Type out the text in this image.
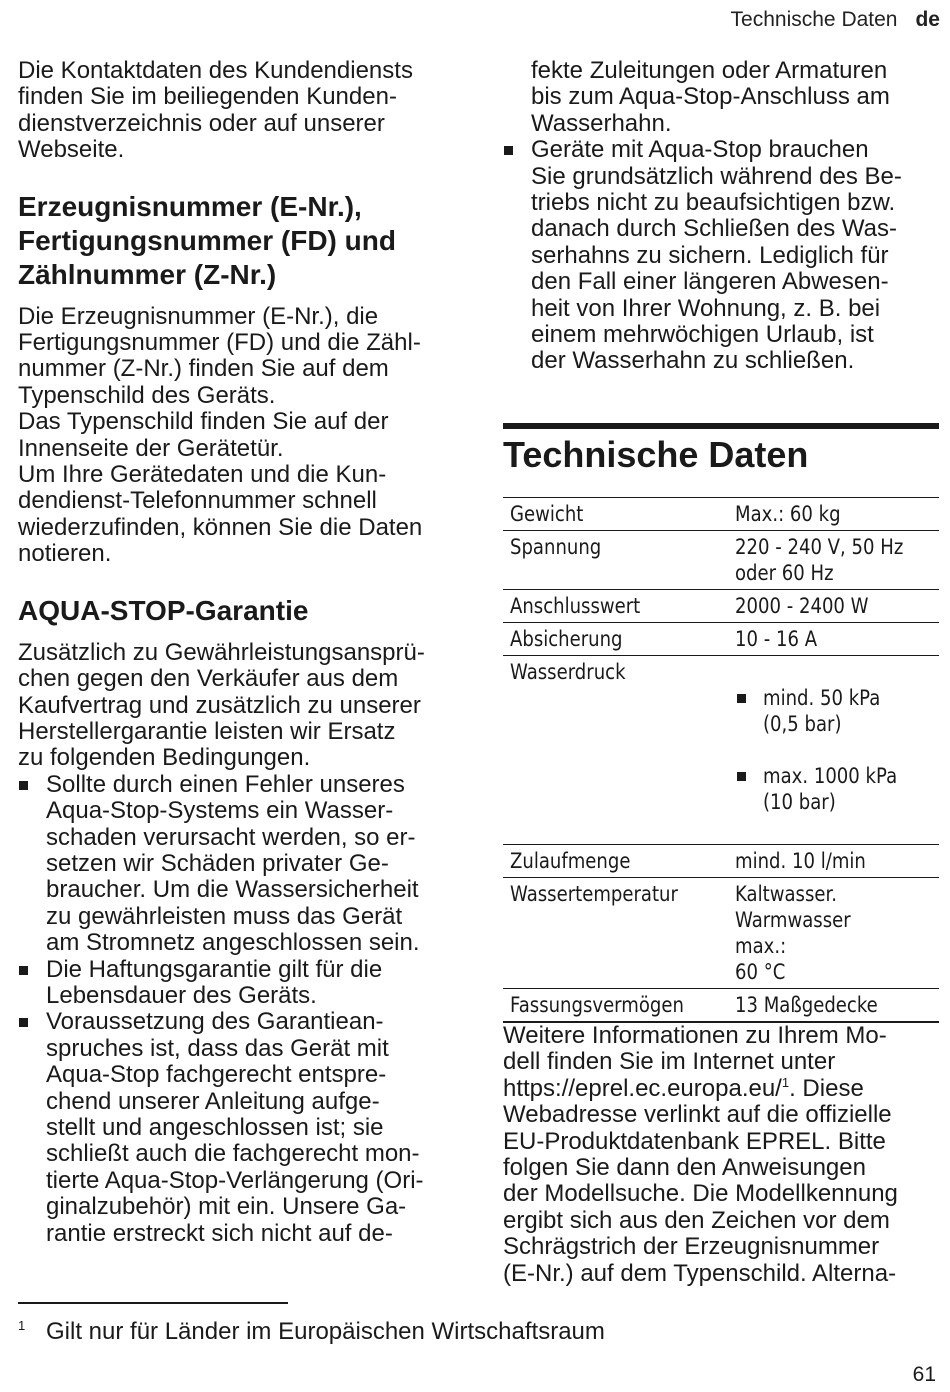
Technische Daten de

Die Kontaktdaten des Kundendiensts
finden Sie im beiliegenden Kunden-
dienstverzeichnis oder auf unserer
Webseite.

Erzeugnisnummer (E-Nr.),
Fertigungsnummer (FD) und
Zählnummer (Z-Nr.)

Die Erzeugnisnummer (E-Nr.), die
Fertigungsnummer (FD) und die Zähl-
nummer (Z-Nr.) finden Sie auf dem
Typenschild des Geräts.
Das Typenschild finden Sie auf der
Innenseite der Gerätetür.
Um Ihre Gerätedaten und die Kun-
dendienst-Telefonnummer schnell
wiederzufinden, können Sie die Daten
notieren.

AQUA-STOP-Garantie

Zusätzlich zu Gewährleistungsansprü-
chen gegen den Verkäufer aus dem
Kaufvertrag und zusätzlich zu unserer
Herstellergarantie leisten wir Ersatz
zu folgenden Bedingungen.

Sollte durch einen Fehler unseres
Aqua-Stop-Systems ein Wasser-
schaden verursacht werden, so er-
setzen wir Schäden privater Ge-
braucher. Um die Wassersicherheit
zu gewährleisten muss das Gerät
am Stromnetz angeschlossen sein.
Die Haftungsgarantie gilt für die
Lebensdauer des Geräts.
Voraussetzung des Garantiean-
spruches ist, dass das Gerät mit
Aqua-Stop fachgerecht entspre-
chend unserer Anleitung aufge-
stellt und angeschlossen ist; sie
schließt auch die fachgerecht mon-
tierte Aqua-Stop-Verlängerung (Ori-
ginalzubehör) mit ein. Unsere Ga-
rantie erstreckt sich nicht auf de-
fekte Zuleitungen oder Armaturen
bis zum Aqua-Stop-Anschluss am
Wasserhahn.
Geräte mit Aqua-Stop brauchen
Sie grundsätzlich während des Be-
triebs nicht zu beaufsichtigen bzw.
danach durch Schließen des Was-
serhahns zu sichern. Lediglich für
den Fall einer längeren Abwesen-
heit von Ihrer Wohnung, z. B. bei
einem mehrwöchigen Urlaub, ist
der Wasserhahn zu schließen.
Technische Daten
Gewicht	Max.: 60 kg
Spannung	220 - 240 V, 50 Hz
oder 60 Hz
Anschlusswert	2000 - 2400 W
Absicherung	10 - 16 A
Wasserdruck	mind. 50 kPa
(0,5 bar)

max. 1000 kPa
(10 bar)

Zulaufmenge	mind. 10 l/min
Wassertemperatur	Kaltwasser.
Warmwasser max.:
60 °C
Fassungsvermögen	13 Maßgedecke

Weitere Informationen zu Ihrem Mo-
dell finden Sie im Internet unter
https://eprel.ec.europa.eu/$^1$. Diese
Webadresse verlinkt auf die offizielle
EU-Produktdatenbank EPREL. Bitte
folgen Sie dann den Anweisungen
der Modellsuche. Die Modellkennung
ergibt sich aus den Zeichen vor dem
Schrägstrich der Erzeugnisnummer
(E-Nr.) auf dem Typenschild. Alterna-

1 Gilt nur für Länder im Europäischen Wirtschaftsraum
61
